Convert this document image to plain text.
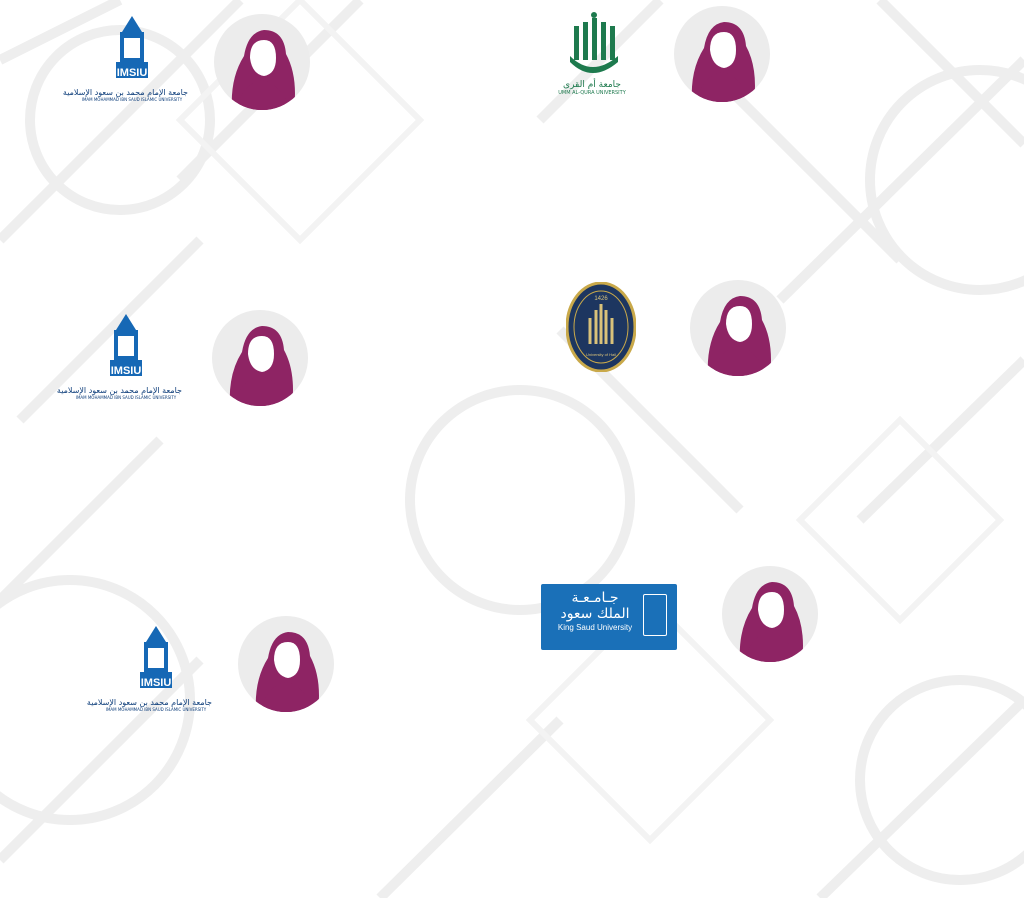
جامعة أم القرى
UMM AL-QURA UNIVERSITY
IMSIU
جامعة الإمام محمد بن سعود الإسلامية
IMAM MOHAMMAD IBN SAUD ISLAMIC UNIVERSITY
1426
University of Hail
IMSIU
جامعة الإمام محمد بن سعود الإسلامية
IMAM MOHAMMAD IBN SAUD ISLAMIC UNIVERSITY
جـامـعـة
الملك سعود
King Saud University
IMSIU
جامعة الإمام محمد بن سعود الإسلامية
IMAM MOHAMMAD IBN SAUD ISLAMIC UNIVERSITY
